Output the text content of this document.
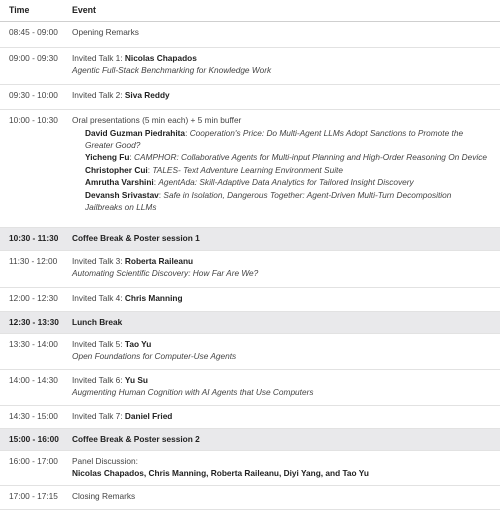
Time	Event
08:45 - 09:00	Opening Remarks
09:00 - 09:30	Invited Talk 1: Nicolas Chapados
Agentic Full-Stack Benchmarking for Knowledge Work
09:30 - 10:00	Invited Talk 2: Siva Reddy
10:00 - 10:30	Oral presentations (5 min each) + 5 min buffer
David Guzman Piedrahita: Cooperation's Price: Do Multi-Agent LLMs Adopt Sanctions to Promote the Greater Good?
Yicheng Fu: CAMPHOR: Collaborative Agents for Multi-input Planning and High-Order Reasoning On Device
Christopher Cui: TALES- Text Adventure Learning Environment Suite
Amrutha Varshini: AgentAda: Skill-Adaptive Data Analytics for Tailored Insight Discovery
Devansh Srivastav: Safe in Isolation, Dangerous Together: Agent-Driven Multi-Turn Decomposition Jailbreaks on LLMs
10:30 - 11:30	Coffee Break & Poster session 1
11:30 - 12:00	Invited Talk 3: Roberta Raileanu
Automating Scientific Discovery: How Far Are We?
12:00 - 12:30	Invited Talk 4: Chris Manning
12:30 - 13:30	Lunch Break
13:30 - 14:00	Invited Talk 5: Tao Yu
Open Foundations for Computer-Use Agents
14:00 - 14:30	Invited Talk 6: Yu Su
Augmenting Human Cognition with AI Agents that Use Computers
14:30 - 15:00	Invited Talk 7: Daniel Fried
15:00 - 16:00	Coffee Break & Poster session 2
16:00 - 17:00	Panel Discussion:
Nicolas Chapados, Chris Manning, Roberta Raileanu, Diyi Yang, and Tao Yu
17:00 - 17:15	Closing Remarks
